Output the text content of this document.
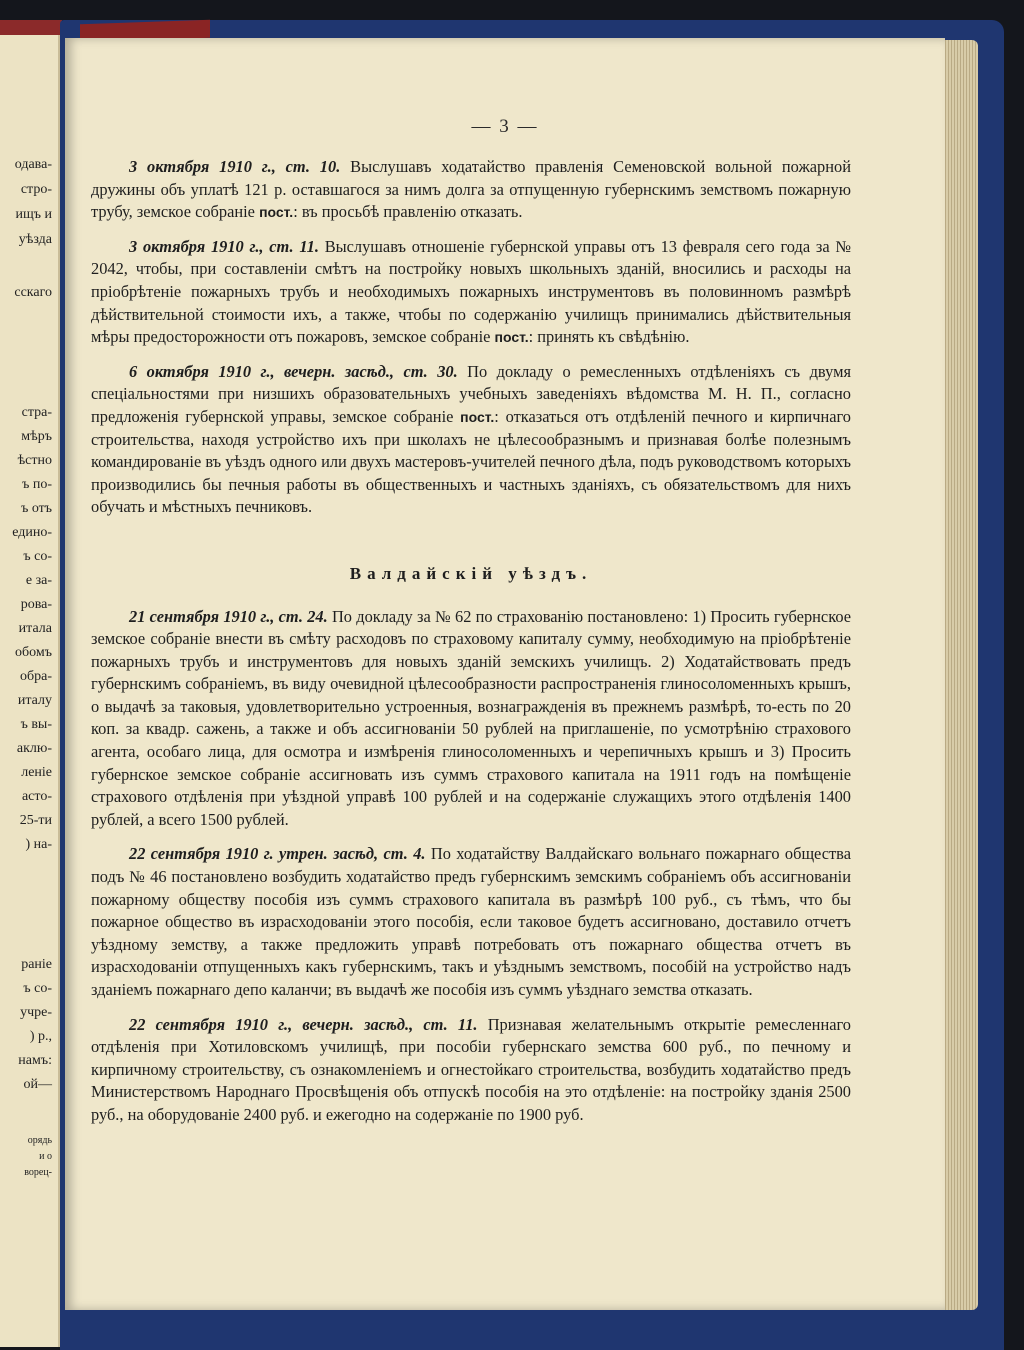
одава-
стро-
ищъ и
уѣзда
сскаго
стра-
мѣръ
ѣстно
ъ по-
ъ отъ
едино-
ъ со-
е за-
рова-
итала
обомъ
обра-
италу
ъ вы-
аклю-
леніе
асто-
25-ти
) на-
раніе
ъ со-
учре-
) р.,
намъ:
ой—
орядь
и о
ворец-
— 3 —

3 октября 1910 г., ст. 10. Выслушавъ ходатайство правленія Семеновской вольной пожарной дружины объ уплатѣ 121 р. оставшагося за нимъ долга за отпущенную губернскимъ земствомъ пожарную трубу, земское собраніе пост.: въ просьбѣ правленію отказать.

3 октября 1910 г., ст. 11. Выслушавъ отношеніе губернской управы отъ 13 февраля сего года за № 2042, чтобы, при составленіи смѣтъ на постройку новыхъ школьныхъ зданій, вносились и расходы на пріобрѣтеніе пожарныхъ трубъ и необходимыхъ пожарныхъ инструментовъ въ половинномъ размѣрѣ дѣйствительной стоимости ихъ, а также, чтобы по содержанію училищъ принимались дѣйствительныя мѣры предосторожности отъ пожаровъ, земское собраніе пост.: принять къ свѣдѣнію.

6 октября 1910 г., вечерн. засѣд., ст. 30. По докладу о ремесленныхъ отдѣленіяхъ съ двумя спеціальностями при низшихъ образовательныхъ учебныхъ заведеніяхъ вѣдомства М. Н. П., согласно предложенія губернской управы, земское собраніе пост.: отказаться отъ отдѣленій печного и кирпичнаго строительства, находя устройство ихъ при школахъ не цѣлесообразнымъ и признавая болѣе полезнымъ командированіе въ уѣздъ одного или двухъ мастеровъ-учителей печного дѣла, подъ руководствомъ которыхъ производились бы печныя работы въ общественныхъ и частныхъ зданіяхъ, съ обязательствомъ для нихъ обучать и мѣстныхъ печниковъ.

Валдайскій уѣздъ.

21 сентября 1910 г., ст. 24. По докладу за № 62 по страхованію постановлено: 1) Просить губернское земское собраніе внести въ смѣту расходовъ по страховому капиталу сумму, необходимую на пріобрѣтеніе пожарныхъ трубъ и инструментовъ для новыхъ зданій земскихъ училищъ. 2) Ходатайствовать предъ губернскимъ собраніемъ, въ виду очевидной цѣлесообразности распространенія глиносоломенныхъ крышъ, о выдачѣ за таковыя, удовлетворительно устроенныя, вознагражденія въ прежнемъ размѣрѣ, то-есть по 20 коп. за квадр. сажень, а также и объ ассигнованіи 50 рублей на приглашеніе, по усмотрѣнію страхового агента, особаго лица, для осмотра и измѣренія глиносоломенныхъ и черепичныхъ крышъ и 3) Просить губернское земское собраніе ассигновать изъ суммъ страхового капитала на 1911 годъ на помѣщеніе страхового отдѣленія при уѣздной управѣ 100 рублей и на содержаніе служащихъ этого отдѣленія 1400 рублей, а всего 1500 рублей.

22 сентября 1910 г. утрен. засѣд, ст. 4. По ходатайству Валдайскаго вольнаго пожарнаго общества подъ № 46 постановлено возбудить ходатайство предъ губернскимъ земскимъ собраніемъ объ ассигнованіи пожарному обществу пособія изъ суммъ страхового капитала въ размѣрѣ 100 руб., съ тѣмъ, что бы пожарное общество въ израсходованіи этого пособія, если таковое будетъ ассигновано, доставило отчетъ уѣздному земству, а также предложить управѣ потребовать отъ пожарнаго общества отчетъ въ израсходованіи отпущенныхъ какъ губернскимъ, такъ и уѣзднымъ земствомъ, пособій на устройство надъ зданіемъ пожарнаго депо каланчи; въ выдачѣ же пособія изъ суммъ уѣзднаго земства отказать.

22 сентября 1910 г., вечерн. засѣд., ст. 11. Признавая желательнымъ открытіе ремесленнаго отдѣленія при Хотиловскомъ училищѣ, при пособіи губернскаго земства 600 руб., по печному и кирпичному строительству, съ ознакомленіемъ и огнестойкаго строительства, возбудить ходатайство предъ Министерствомъ Народнаго Просвѣщенія объ отпускѣ пособія на это отдѣленіе: на постройку зданія 2500 руб., на оборудованіе 2400 руб. и ежегодно на содержаніе по 1900 руб.
